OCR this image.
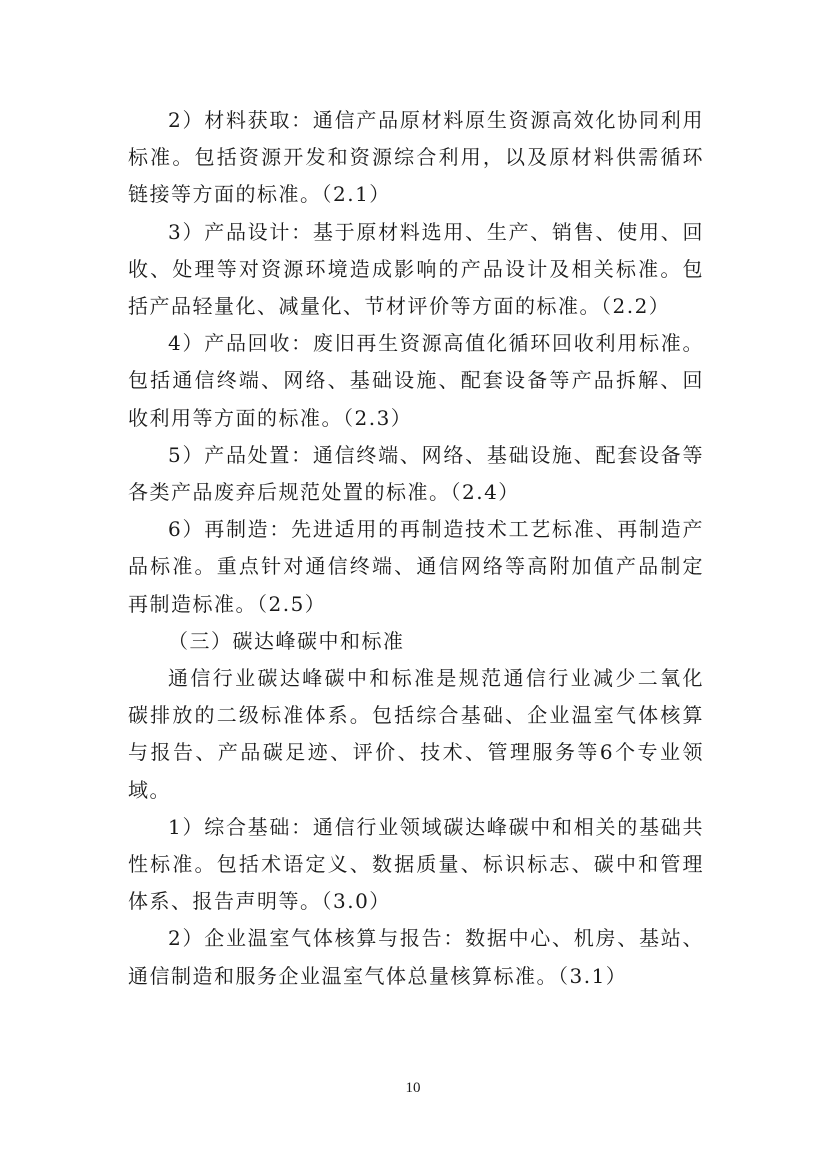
2）材料获取：通信产品原材料原生资源高效化协同利用标准。包括资源开发和资源综合利用，以及原材料供需循环链接等方面的标准。（2.1）

3）产品设计：基于原材料选用、生产、销售、使用、回收、处理等对资源环境造成影响的产品设计及相关标准。包括产品轻量化、减量化、节材评价等方面的标准。（2.2）

4）产品回收：废旧再生资源高值化循环回收利用标准。包括通信终端、网络、基础设施、配套设备等产品拆解、回收利用等方面的标准。（2.3）

5）产品处置：通信终端、网络、基础设施、配套设备等各类产品废弃后规范处置的标准。（2.4）

6）再制造：先进适用的再制造技术工艺标准、再制造产品标准。重点针对通信终端、通信网络等高附加值产品制定再制造标准。（2.5）

（三）碳达峰碳中和标准

通信行业碳达峰碳中和标准是规范通信行业减少二氧化碳排放的二级标准体系。包括综合基础、企业温室气体核算与报告、产品碳足迹、评价、技术、管理服务等6个专业领域。

1）综合基础：通信行业领域碳达峰碳中和相关的基础共性标准。包括术语定义、数据质量、标识标志、碳中和管理体系、报告声明等。（3.0）

2）企业温室气体核算与报告：数据中心、机房、基站、通信制造和服务企业温室气体总量核算标准。（3.1）

10
